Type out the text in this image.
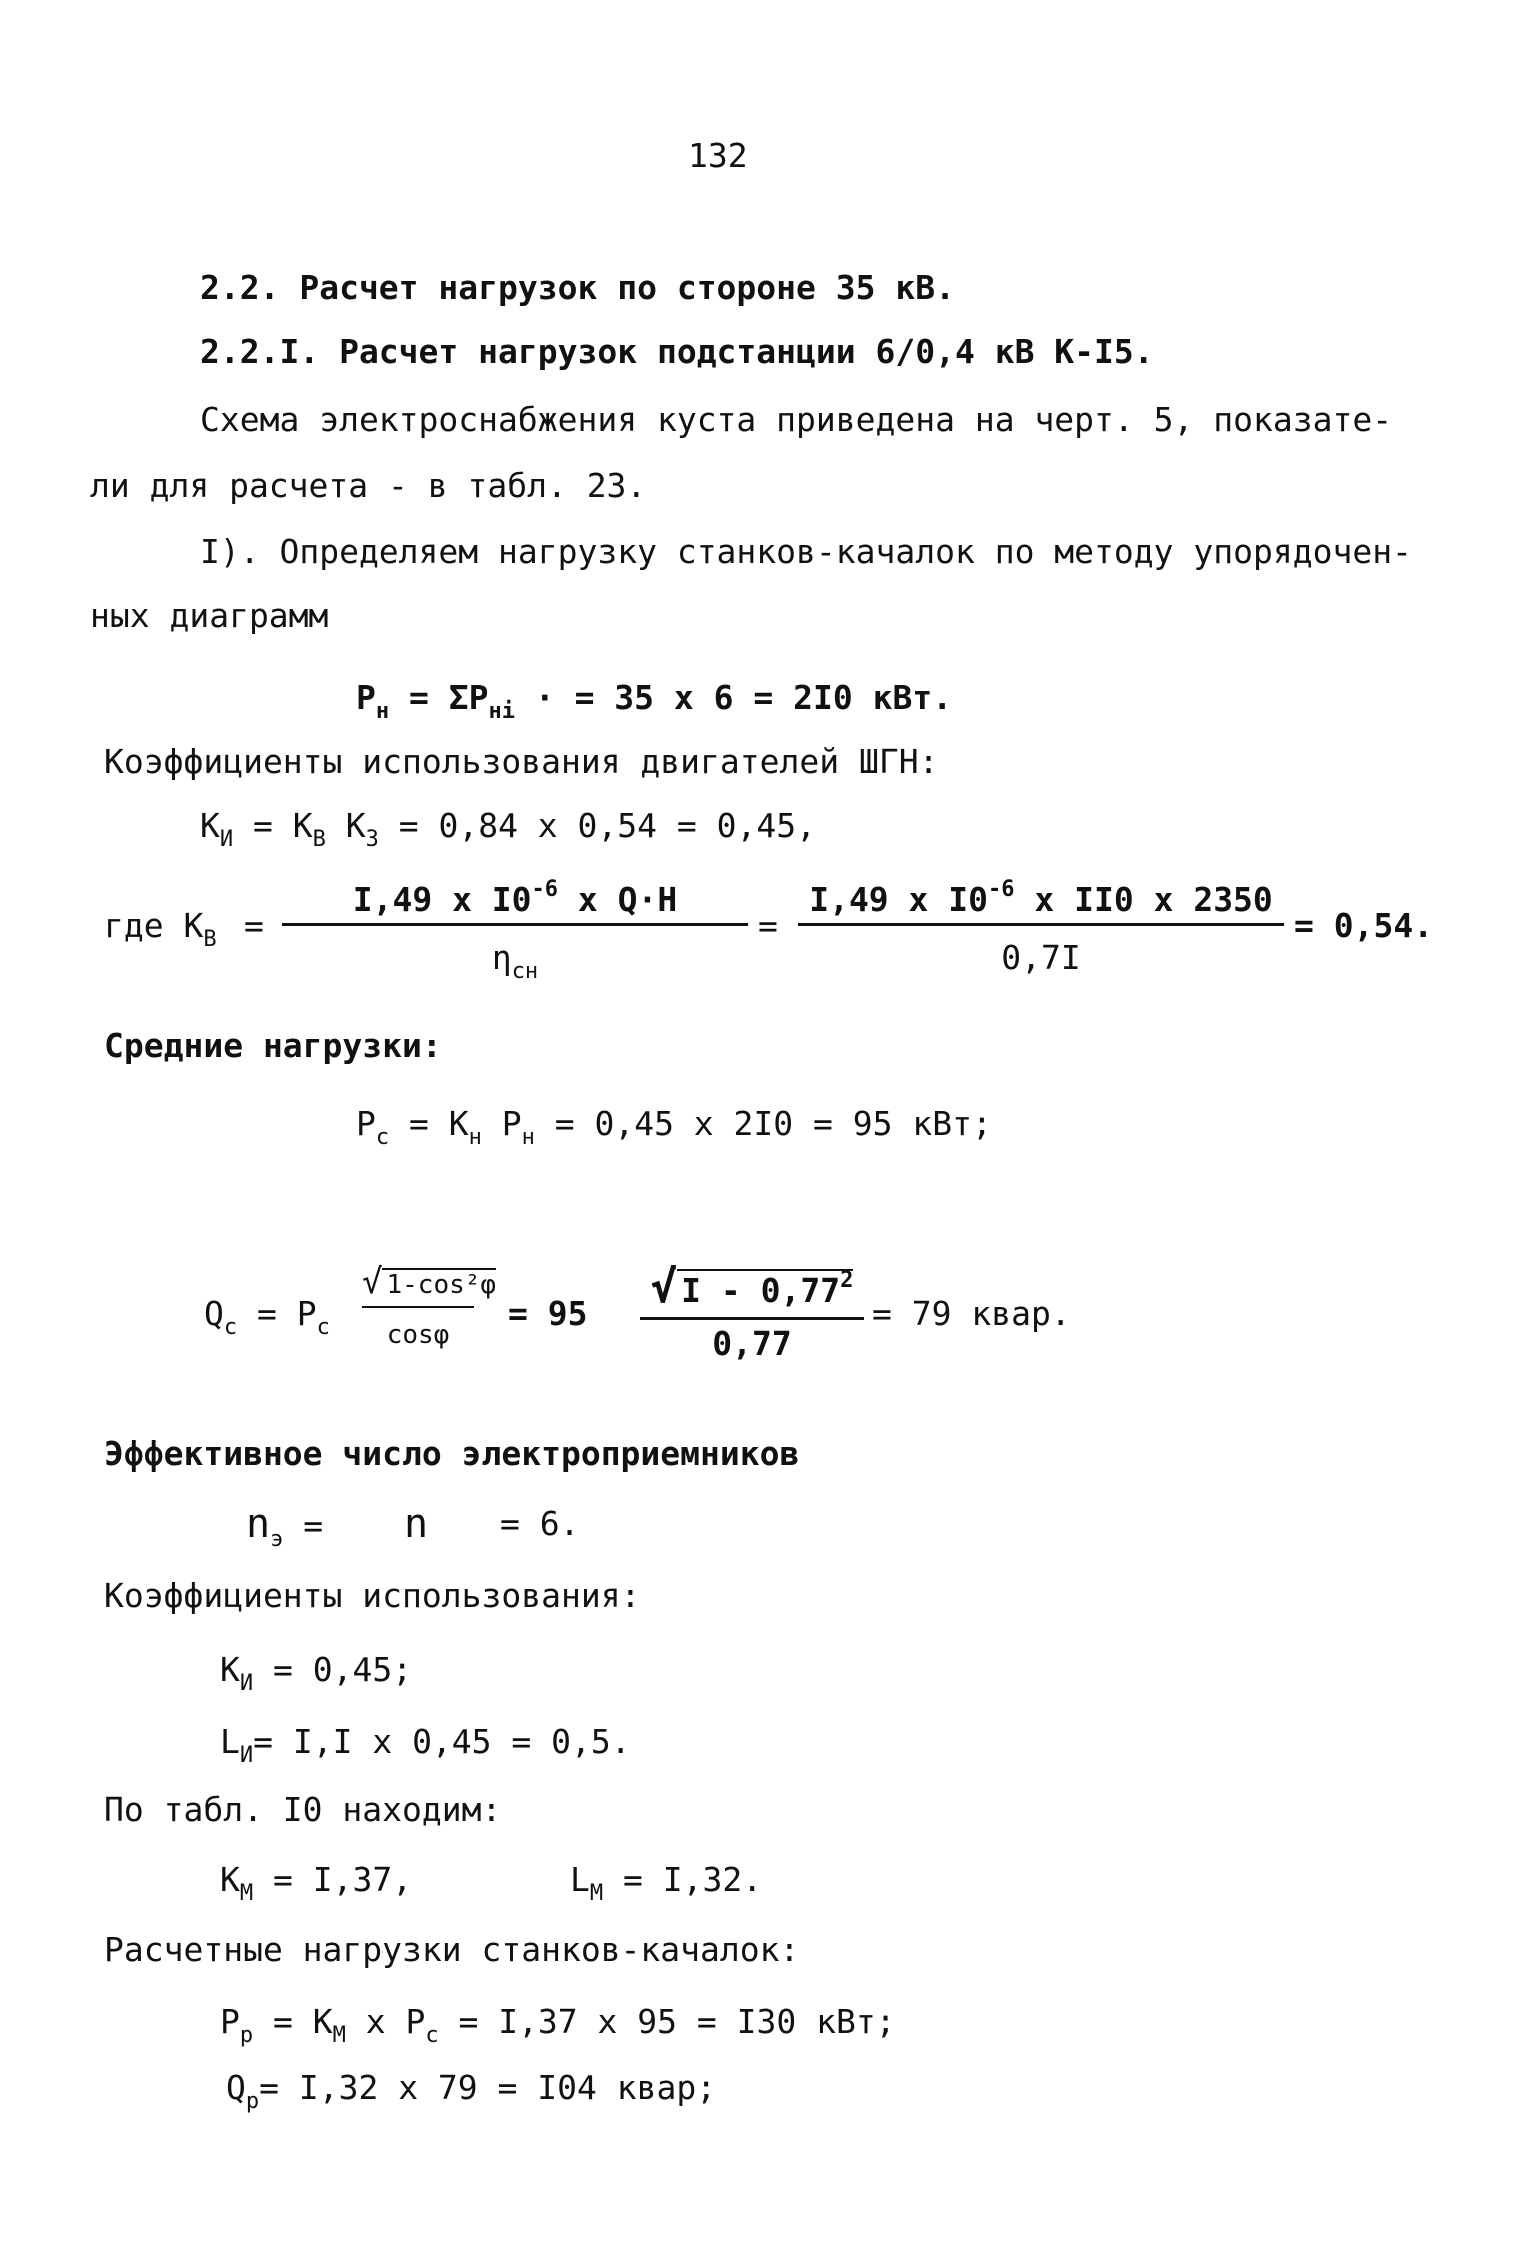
132
2.2. Расчет нагрузок по стороне 35 кВ.
2.2.I. Расчет нагрузок подстанции 6/0,4 кВ К-I5.
Схема электроснабжения куста приведена на черт. 5, показате-
ли для расчета - в табл. 23.
I). Определяем нагрузку станков-качалок по методу упорядочен-
ных диаграмм
$P_н = \Sigma P_{нi}$ · = 35 x 6 = 2I0 кВт.
Коэффициенты использования двигателей ШГН:
$K_И = K_В$ $K_З = 0,84$ x 0,54 = 0,45,
где $K_В$ =
I,49 x $I0^{-6}$ x Q·H
$\eta_{сн}$
= $\frac{I,49 x I0^{-6} x II0 x 2350}{0,7I} = 0,54$.
Средние нагрузки:
$P_с = K_н$ $P_н = 0,45$ x 2I0 = 95 кВт;
$Q_с = P_с \frac{\text{√ 1-cos²φ}}{\cos\varphi} = 95 \frac{√ I - 0,77^2}{0,77} = 79$ квар.
Эффективное число электроприемников
$n_э = n = 6$.
Коэффициенты использования:
$K_И = 0,45$;
$L_И= I,I$ x 0,45 = 0,5.
По табл. I0 находим:
$K_М = I,37$,	$L_М = I,32$.
Расчетные нагрузки станков-качалок:
$P_р = K_М$ x $P_с = I,37$ x 95 = I30 кВт;
$Q_р= I,32$ x 79 = I04 квар;
